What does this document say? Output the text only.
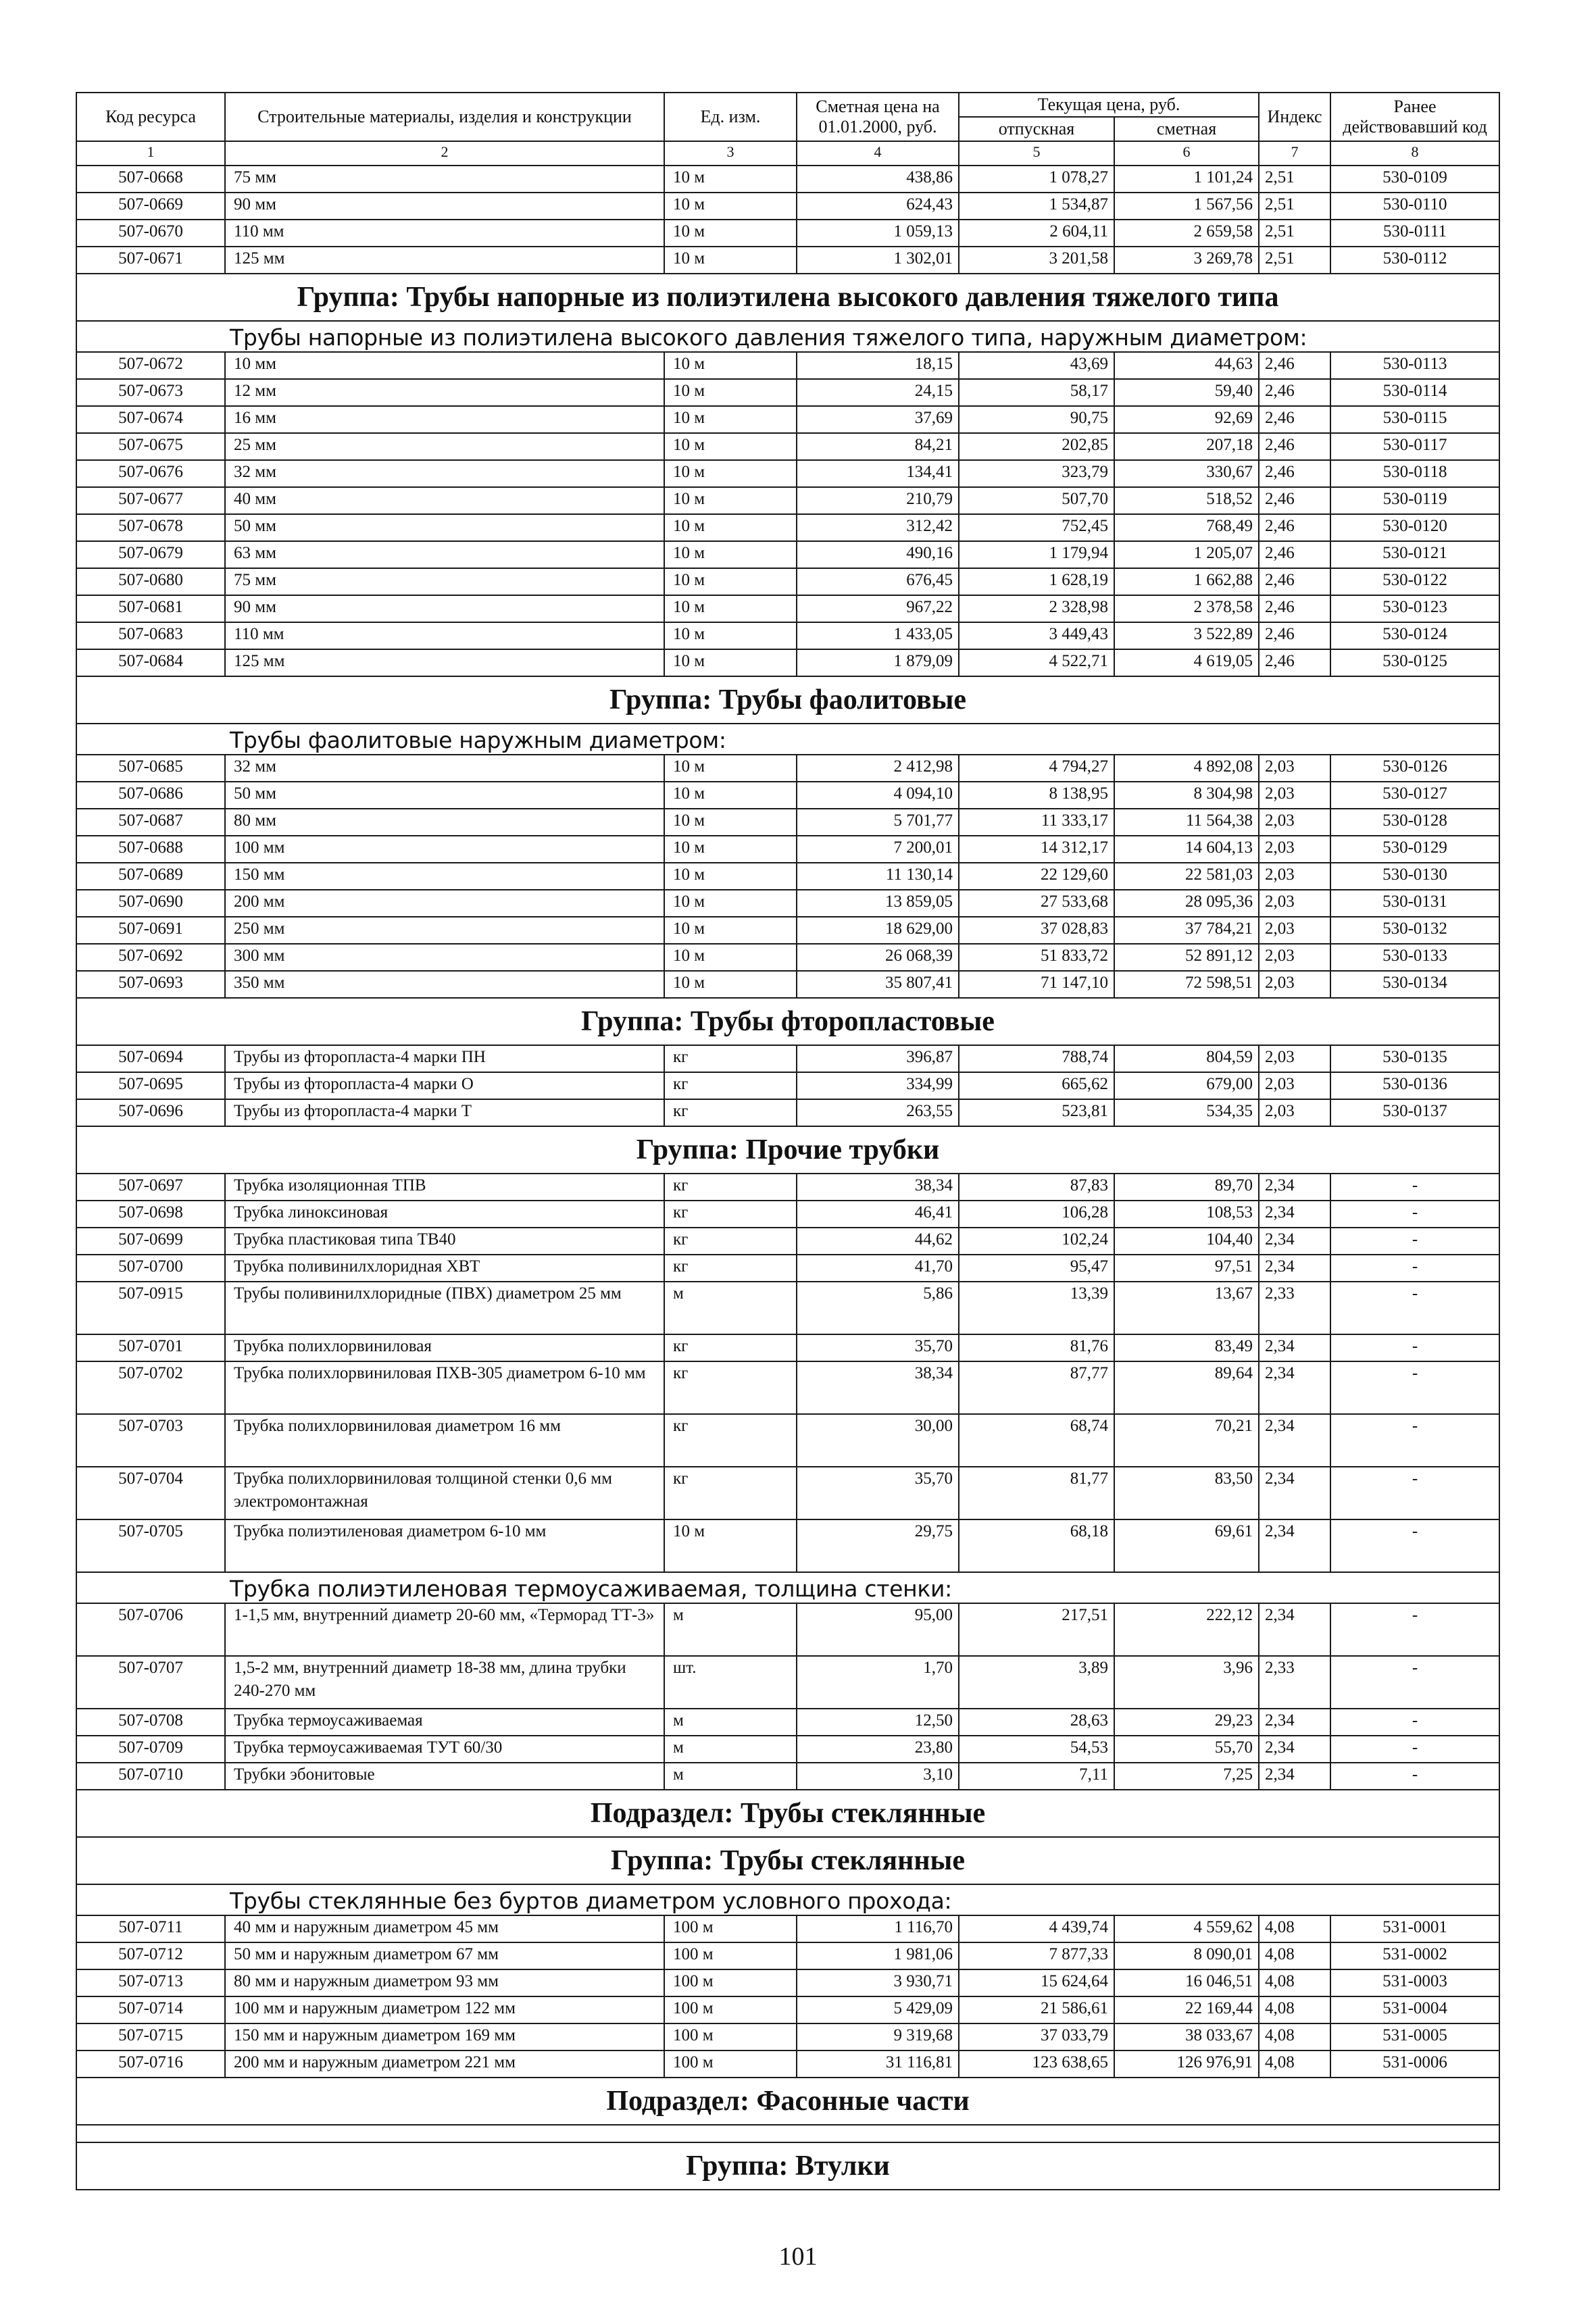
Код ресурса	Строительные материалы, изделия и конструкции	Ед. изм.	Сметная цена на 01.01.2000, руб.	Текущая цена, руб.		Индекс	Ранее действовавший код
				отпускная	сметная		
1	2	3	4	5	6	7	8
507-0668	75 мм	10 м	438,86	1 078,27	1 101,24	2,51	530-0109
507-0669	90 мм	10 м	624,43	1 534,87	1 567,56	2,51	530-0110
507-0670	110 мм	10 м	1 059,13	2 604,11	2 659,58	2,51	530-0111
507-0671	125 мм	10 м	1 302,01	3 201,58	3 269,78	2,51	530-0112
Группа: Трубы напорные из полиэтилена высокого давления тяжелого типа							
Трубы напорные из полиэтилена высокого давления тяжелого типа, наружным диаметром:							
507-0672	10 мм	10 м	18,15	43,69	44,63	2,46	530-0113
507-0673	12 мм	10 м	24,15	58,17	59,40	2,46	530-0114
507-0674	16 мм	10 м	37,69	90,75	92,69	2,46	530-0115
507-0675	25 мм	10 м	84,21	202,85	207,18	2,46	530-0117
507-0676	32 мм	10 м	134,41	323,79	330,67	2,46	530-0118
507-0677	40 мм	10 м	210,79	507,70	518,52	2,46	530-0119
507-0678	50 мм	10 м	312,42	752,45	768,49	2,46	530-0120
507-0679	63 мм	10 м	490,16	1 179,94	1 205,07	2,46	530-0121
507-0680	75 мм	10 м	676,45	1 628,19	1 662,88	2,46	530-0122
507-0681	90 мм	10 м	967,22	2 328,98	2 378,58	2,46	530-0123
507-0683	110 мм	10 м	1 433,05	3 449,43	3 522,89	2,46	530-0124
507-0684	125 мм	10 м	1 879,09	4 522,71	4 619,05	2,46	530-0125
Группа: Трубы фаолитовые							
Трубы фаолитовые наружным диаметром:							
507-0685	32 мм	10 м	2 412,98	4 794,27	4 892,08	2,03	530-0126
507-0686	50 мм	10 м	4 094,10	8 138,95	8 304,98	2,03	530-0127
507-0687	80 мм	10 м	5 701,77	11 333,17	11 564,38	2,03	530-0128
507-0688	100 мм	10 м	7 200,01	14 312,17	14 604,13	2,03	530-0129
507-0689	150 мм	10 м	11 130,14	22 129,60	22 581,03	2,03	530-0130
507-0690	200 мм	10 м	13 859,05	27 533,68	28 095,36	2,03	530-0131
507-0691	250 мм	10 м	18 629,00	37 028,83	37 784,21	2,03	530-0132
507-0692	300 мм	10 м	26 068,39	51 833,72	52 891,12	2,03	530-0133
507-0693	350 мм	10 м	35 807,41	71 147,10	72 598,51	2,03	530-0134
Группа: Трубы фторопластовые							
507-0694	Трубы из фторопласта-4 марки ПН	кг	396,87	788,74	804,59	2,03	530-0135
507-0695	Трубы из фторопласта-4 марки О	кг	334,99	665,62	679,00	2,03	530-0136
507-0696	Трубы из фторопласта-4 марки Т	кг	263,55	523,81	534,35	2,03	530-0137
Группа: Прочие трубки							
507-0697	Трубка изоляционная ТПВ	кг	38,34	87,83	89,70	2,34	-
507-0698	Трубка линоксиновая	кг	46,41	106,28	108,53	2,34	-
507-0699	Трубка пластиковая типа ТВ40	кг	44,62	102,24	104,40	2,34	-
507-0700	Трубка поливинилхлоридная ХВТ	кг	41,70	95,47	97,51	2,34	-
507-0915	Трубы поливинилхлоридные (ПВХ) диаметром 25 мм	м	5,86	13,39	13,67	2,33	-
507-0701	Трубка полихлорвиниловая	кг	35,70	81,76	83,49	2,34	-
507-0702	Трубка полихлорвиниловая ПХВ-305 диаметром 6-10 мм	кг	38,34	87,77	89,64	2,34	-
507-0703	Трубка полихлорвиниловая диаметром 16 мм	кг	30,00	68,74	70,21	2,34	-
507-0704	Трубка полихлорвиниловая толщиной стенки 0,6 мм электромонтажная	кг	35,70	81,77	83,50	2,34	-
507-0705	Трубка полиэтиленовая диаметром 6-10 мм	10 м	29,75	68,18	69,61	2,34	-
Трубка полиэтиленовая термоусаживаемая, толщина стенки:							
507-0706	1-1,5 мм, внутренний диаметр 20-60 мм, «Терморад ТТ-3»	м	95,00	217,51	222,12	2,34	-
507-0707	1,5-2 мм, внутренний диаметр 18-38 мм, длина трубки 240-270 мм	шт.	1,70	3,89	3,96	2,33	-
507-0708	Трубка термоусаживаемая	м	12,50	28,63	29,23	2,34	-
507-0709	Трубка термоусаживаемая ТУТ 60/30	м	23,80	54,53	55,70	2,34	-
507-0710	Трубки эбонитовые	м	3,10	7,11	7,25	2,34	-
Подраздел: Трубы стеклянные							
Группа: Трубы стеклянные							
Трубы стеклянные без буртов диаметром условного прохода:							
507-0711	40 мм и наружным диаметром 45 мм	100 м	1 116,70	4 439,74	4 559,62	4,08	531-0001
507-0712	50 мм и наружным диаметром 67 мм	100 м	1 981,06	7 877,33	8 090,01	4,08	531-0002
507-0713	80 мм и наружным диаметром 93 мм	100 м	3 930,71	15 624,64	16 046,51	4,08	531-0003
507-0714	100 мм и наружным диаметром 122 мм	100 м	5 429,09	21 586,61	22 169,44	4,08	531-0004
507-0715	150 мм и наружным диаметром 169 мм	100 м	9 319,68	37 033,79	38 033,67	4,08	531-0005
507-0716	200 мм и наружным диаметром 221 мм	100 м	31 116,81	123 638,65	126 976,91	4,08	531-0006
Подраздел: Фасонные части							

Группа: Втулки							
101
